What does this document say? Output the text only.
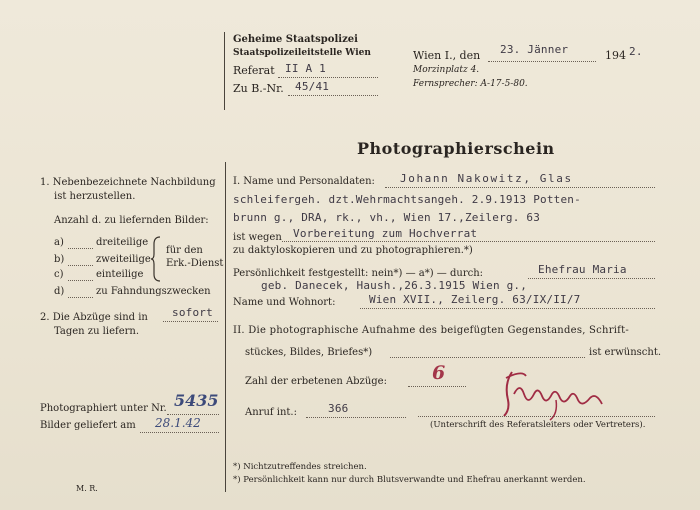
Geheime Staatspolizei
Staatspolizeileitstelle Wien
Referat II A 1
Zu B.-Nr. 45/41
Wien I., den 23. Jänner	194 2.
Morzinplatz 4.
Fernsprecher: A-17-5-80.
Photographierschein
1. Nebenbezeichnete Nachbildung
ist herzustellen.
Anzahl d. zu liefernden Bilder:
a)	dreiteilige
b)	zweiteilige
c)	einteilige
d)	zu Fahndungszwecken
für den
Erk.-Dienst
2. Die Abzüge sind in sofort
Tagen zu liefern.
Photographiert unter Nr. 5435
Bilder geliefert am 28.1.42
M. R.
I. Name und Personaldaten: Johann Nakowitz, Glas
schleifergeh. dzt.Wehrmachtsangeh. 2.9.1913 Potten-
brunn g., DRA, rk., vh., Wien 17.,Zeilerg. 63
ist wegen Vorbereitung zum Hochverrat
zu daktyloskopieren und zu photographieren.*)
Persönlichkeit festgestellt: nein*) — a*) — durch:	Ehefrau Maria
geb. Danecek, Haush.,26.3.1915 Wien g.,
Name und Wohnort:	Wien XVII., Zeilerg. 63/IX/II/7
II. Die photographische Aufnahme des beigefügten Gegenstandes, Schrift-
stückes, Bildes, Briefes*)	ist erwünscht.
Zahl der erbetenen Abzüge: 6
Anruf int.:	366
(Unterschrift des Referatsleiters oder Vertreters).
*) Nichtzutreffendes streichen.
*) Persönlichkeit kann nur durch Blutsverwandte und Ehefrau anerkannt werden.
